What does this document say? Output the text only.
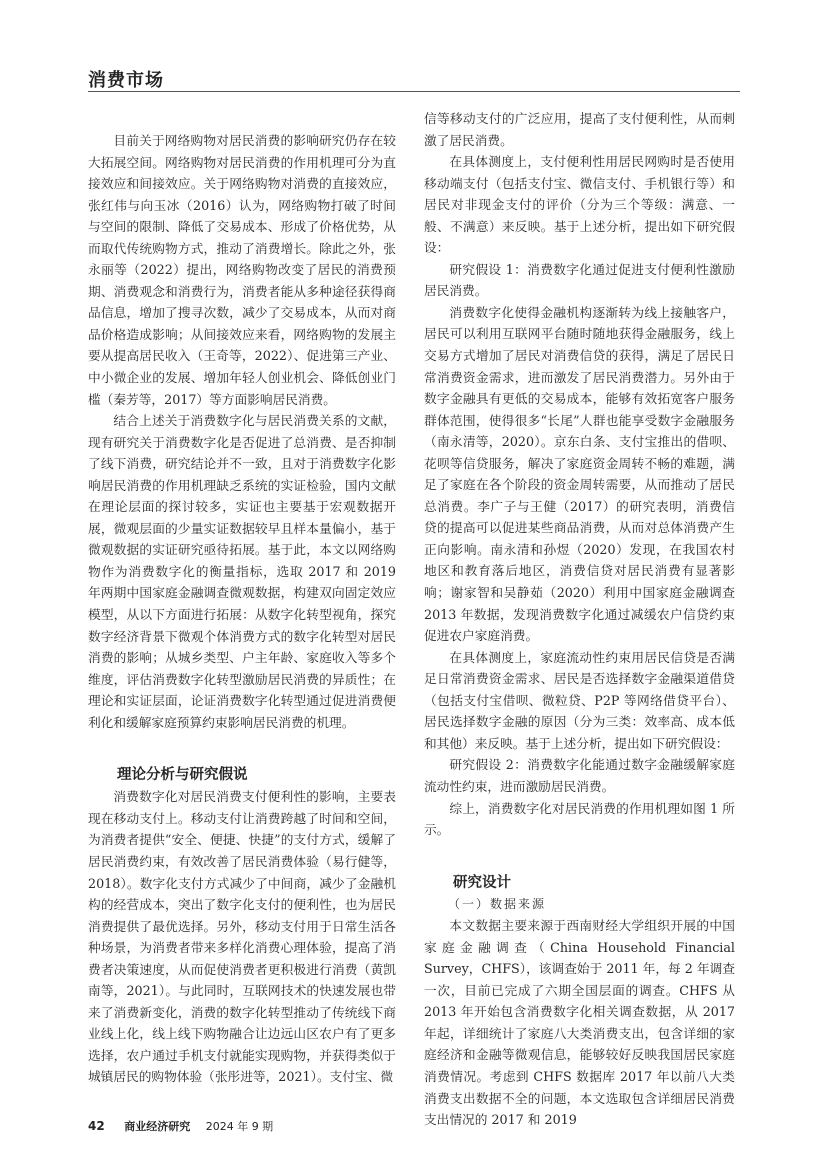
消费市场

目前关于网络购物对居民消费的影响研究仍存在较大拓展空间。网络购物对居民消费的作用机理可分为直接效应和间接效应。关于网络购物对消费的直接效应，张红伟与向玉冰（2016）认为，网络购物打破了时间与空间的限制、降低了交易成本、形成了价格优势，从而取代传统购物方式，推动了消费增长。除此之外，张永丽等（2022）提出，网络购物改变了居民的消费预期、消费观念和消费行为，消费者能从多种途径获得商品信息，增加了搜寻次数，减少了交易成本，从而对商品价格造成影响；从间接效应来看，网络购物的发展主要从提高居民收入（王奇等，2022）、促进第三产业、中小微企业的发展、增加年轻人创业机会、降低创业门槛（秦芳等，2017）等方面影响居民消费。

结合上述关于消费数字化与居民消费关系的文献，现有研究关于消费数字化是否促进了总消费、是否抑制了线下消费，研究结论并不一致，且对于消费数字化影响居民消费的作用机理缺乏系统的实证检验，国内文献在理论层面的探讨较多，实证也主要基于宏观数据开展，微观层面的少量实证数据较早且样本量偏小，基于微观数据的实证研究亟待拓展。基于此，本文以网络购物作为消费数字化的衡量指标，选取 2017 和 2019 年两期中国家庭金融调查微观数据，构建双向固定效应模型，从以下方面进行拓展：从数字化转型视角，探究数字经济背景下微观个体消费方式的数字化转型对居民消费的影响；从城乡类型、户主年龄、家庭收入等多个维度，评估消费数字化转型激励居民消费的异质性；在理论和实证层面，论证消费数字化转型通过促进消费便利化和缓解家庭预算约束影响居民消费的机理。

理论分析与研究假说

消费数字化对居民消费支付便利性的影响，主要表现在移动支付上。移动支付让消费跨越了时间和空间，为消费者提供“安全、便捷、快捷”的支付方式，缓解了居民消费约束，有效改善了居民消费体验（易行健等，2018）。数字化支付方式减少了中间商，减少了金融机构的经营成本，突出了数字化支付的便利性，也为居民消费提供了最优选择。另外，移动支付用于日常生活各种场景，为消费者带来多样化消费心理体验，提高了消费者决策速度，从而促使消费者更积极进行消费（黄凯南等，2021）。与此同时，互联网技术的快速发展也带来了消费新变化，消费的数字化转型推动了传统线下商业线上化，线上线下购物融合让边远山区农户有了更多选择，农户通过手机支付就能实现购物，并获得类似于城镇居民的购物体验（张彤进等，2021）。支付宝、微

信等移动支付的广泛应用，提高了支付便利性，从而刺激了居民消费。

在具体测度上，支付便利性用居民网购时是否使用移动端支付（包括支付宝、微信支付、手机银行等）和居民对非现金支付的评价（分为三个等级：满意、一般、不满意）来反映。基于上述分析，提出如下研究假设：

研究假设 1：消费数字化通过促进支付便利性激励居民消费。

消费数字化使得金融机构逐渐转为线上接触客户，居民可以利用互联网平台随时随地获得金融服务，线上交易方式增加了居民对消费信贷的获得，满足了居民日常消费资金需求，进而激发了居民消费潜力。另外由于数字金融具有更低的交易成本，能够有效拓宽客户服务群体范围，使得很多“长尾”人群也能享受数字金融服务（南永清等，2020）。京东白条、支付宝推出的借呗、花呗等信贷服务，解决了家庭资金周转不畅的难题，满足了家庭在各个阶段的资金周转需要，从而推动了居民总消费。李广子与王健（2017）的研究表明，消费信贷的提高可以促进某些商品消费，从而对总体消费产生正向影响。南永清和孙煜（2020）发现，在我国农村地区和教育落后地区，消费信贷对居民消费有显著影响；谢家智和吴静茹（2020）利用中国家庭金融调查 2013 年数据，发现消费数字化通过减缓农户信贷约束促进农户家庭消费。

在具体测度上，家庭流动性约束用居民信贷是否满足日常消费资金需求、居民是否选择数字金融渠道借贷（包括支付宝借呗、微粒贷、P2P 等网络借贷平台）、居民选择数字金融的原因（分为三类：效率高、成本低和其他）来反映。基于上述分析，提出如下研究假设：

研究假设 2：消费数字化能通过数字金融缓解家庭流动性约束，进而激励居民消费。

综上，消费数字化对居民消费的作用机理如图 1 所示。

研究设计

（一）数据来源

本文数据主要来源于西南财经大学组织开展的中国家庭金融调查（China Household Financial Survey，CHFS），该调查始于 2011 年，每 2 年调查一次，目前已完成了六期全国层面的调查。CHFS 从 2013 年开始包含消费数字化相关调查数据，从 2017 年起，详细统计了家庭八大类消费支出，包含详细的家庭经济和金融等微观信息，能够较好反映我国居民家庭消费情况。考虑到 CHFS 数据库 2017 年以前八大类消费支出数据不全的问题，本文选取包含详细居民消费支出情况的 2017 和 2019

42 商业经济研究 2024 年 9 期
